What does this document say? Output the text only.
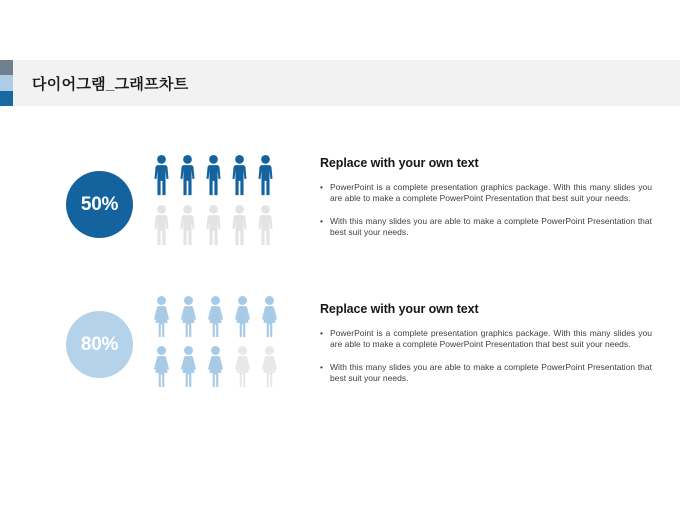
다이어그램_그래프차트
50%
Replace with your own text
• PowerPoint is a complete presentation graphics package. With this many slides you are able to make a complete PowerPoint Presentation that best suit your needs.
• With this many slides you are able to make a complete PowerPoint Presentation that best suit your needs.
80%
Replace with your own text
• PowerPoint is a complete presentation graphics package. With this many slides you are able to make a complete PowerPoint Presentation that best suit your needs.
• With this many slides you are able to make a complete PowerPoint Presentation that best suit your needs.
